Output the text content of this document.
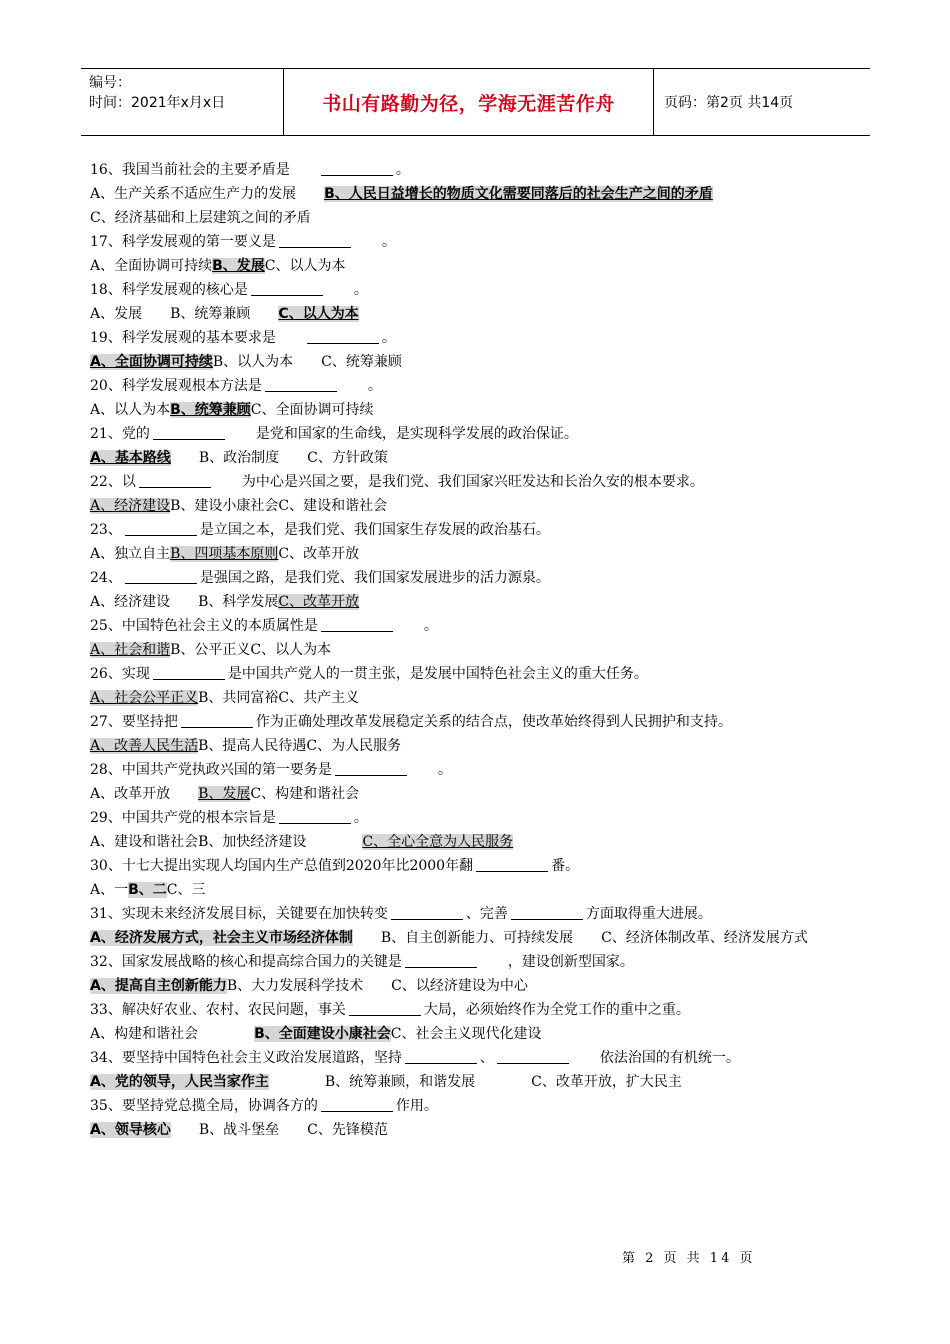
编号：
时间：2021年x月x日	书山有路勤为径，学海无涯苦作舟	页码：第2页 共14页
16、我国当前社会的主要矛盾是	。
A、生产关系不适应生产力的发展 B、人民日益增长的物质文化需要同落后的社会生产之间的矛盾
C、经济基础和上层建筑之间的矛盾
17、科学发展观的第一要义是	。
A、全面协调可持续B、发展C、以人为本
18、科学发展观的核心是	。
A、发展 B、统筹兼顾 C、以人为本
19、科学发展观的基本要求是	。
A、全面协调可持续B、以人为本 C、统筹兼顾
20、科学发展观根本方法是	。
A、以人为本B、统筹兼顾C、全面协调可持续
21、党的	是党和国家的生命线，是实现科学发展的政治保证。
A、基本路线 B、政治制度 C、方针政策
22、以	为中心是兴国之要，是我们党、我们国家兴旺发达和长治久安的根本要求。
A、经济建设B、建设小康社会C、建设和谐社会
23、	是立国之本，是我们党、我们国家生存发展的政治基石。
A、独立自主B、四项基本原则C、改革开放
24、	是强国之路，是我们党、我们国家发展进步的活力源泉。
A、经济建设 B、科学发展C、改革开放
25、中国特色社会主义的本质属性是	。
A、社会和谐B、公平正义C、以人为本
26、实现	是中国共产党人的一贯主张，是发展中国特色社会主义的重大任务。
A、社会公平正义B、共同富裕C、共产主义
27、要坚持把	作为正确处理改革发展稳定关系的结合点，使改革始终得到人民拥护和支持。
A、改善人民生活B、提高人民待遇C、为人民服务
28、中国共产党执政兴国的第一要务是	。
A、改革开放 B、发展C、构建和谐社会
29、中国共产党的根本宗旨是	。
A、建设和谐社会B、加快经济建设	C、全心全意为人民服务
30、十七大提出实现人均国内生产总值到2020年比2000年翻	番。
A、一B、二C、三
31、实现未来经济发展目标，关键要在加快转变	、完善	方面取得重大进展。
A、经济发展方式，社会主义市场经济体制 B、自主创新能力、可持续发展 C、经济体制改革、经济发展方式
32、国家发展战略的核心和提高综合国力的关键是	，建设创新型国家。
A、提高自主创新能力B、大力发展科学技术 C、以经济建设为中心
33、解决好农业、农村、农民问题，事关	大局，必须始终作为全党工作的重中之重。
A、构建和谐社会	B、全面建设小康社会C、社会主义现代化建设
34、要坚持中国特色社会主义政治发展道路，坚持	、	依法治国的有机统一。
A、党的领导，人民当家作主	B、统筹兼顾，和谐发展	C、改革开放，扩大民主
35、要坚持党总揽全局，协调各方的	作用。
A、领导核心 B、战斗堡垒 C、先锋模范
第 2 页 共 14 页
